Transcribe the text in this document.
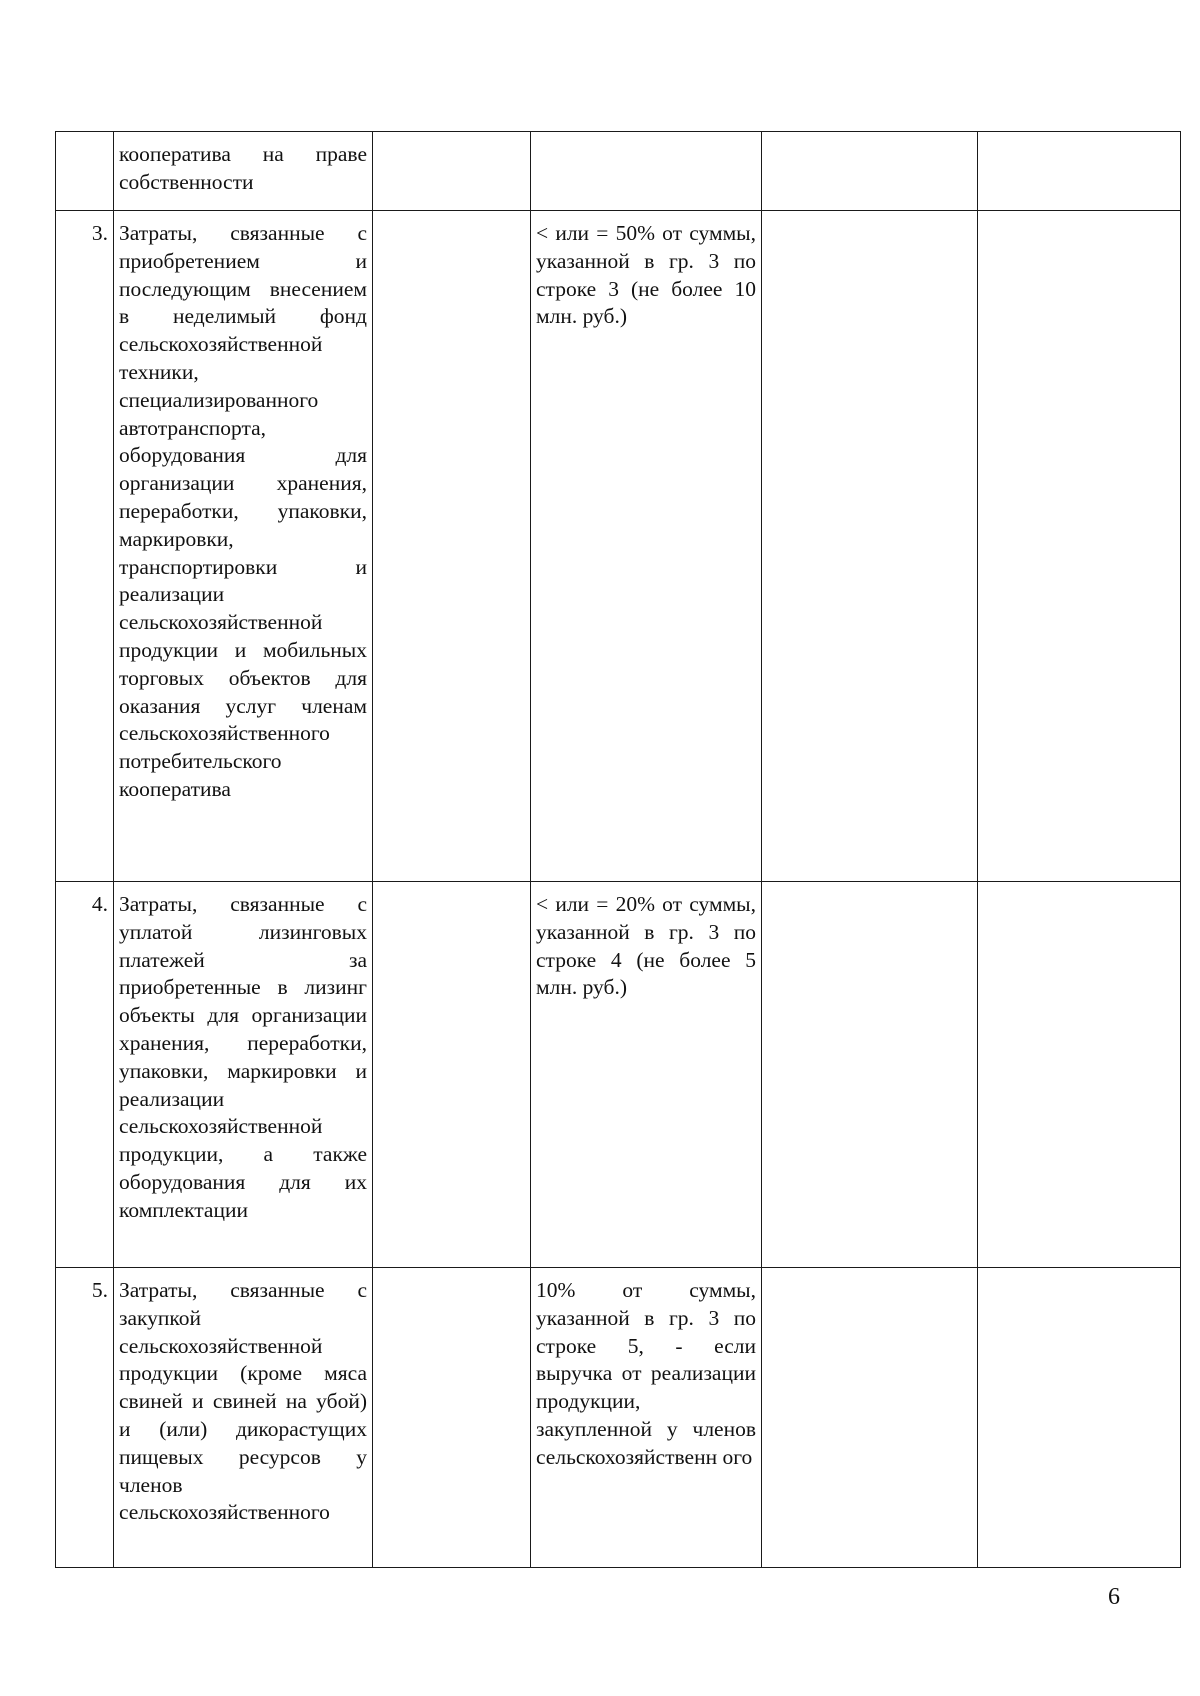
	кооператива на праве собственности				
3.	Затраты, связанные с приобретением и последующим внесением в неделимый фонд сельскохозяйственной техники, специализированного автотранспорта, оборудования для организации хранения, переработки, упаковки, маркировки, транспортировки и реализации сельскохозяйственной продукции и мобильных торговых объектов для оказания услуг членам сельскохозяйственного потребительского кооператива		< или = 50% от суммы, указанной в гр. 3 по строке 3 (не более 10 млн. руб.)		
4.	Затраты, связанные с уплатой лизинговых платежей за приобретенные в лизинг объекты для организации хранения, переработки, упаковки, маркировки и реализации сельскохозяйственной продукции, а также оборудования для их комплектации		< или = 20% от суммы, указанной в гр. 3 по строке 4 (не более 5 млн. руб.)		
5.	Затраты, связанные с закупкой сельскохозяйственной продукции (кроме мяса свиней и свиней на убой) и (или) дикорастущих пищевых ресурсов у членов сельскохозяйственного		10% от суммы, указанной в гр. 3 по строке 5, - если выручка от реализации продукции, закупленной у членов сельскохозяйственн ого		
6
